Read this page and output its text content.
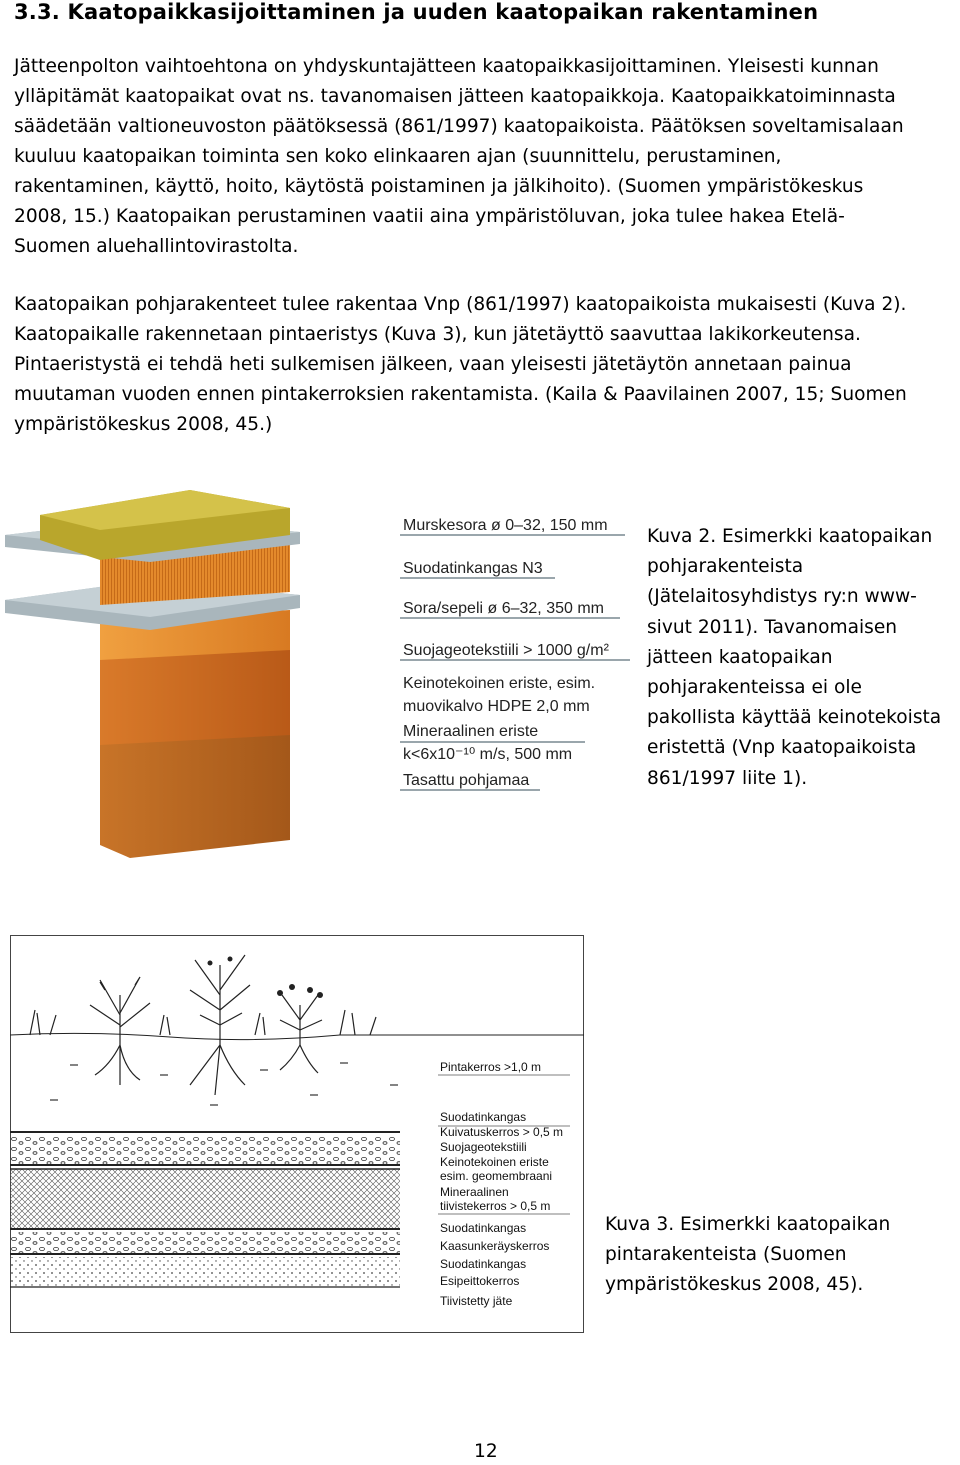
3.3. Kaatopaikkasijoittaminen ja uuden kaatopaikan rakentaminen
Jätteenpolton vaihtoehtona on yhdyskuntajätteen kaatopaikkasijoittaminen. Yleisesti kunnan
ylläpitämät kaatopaikat ovat ns. tavanomaisen jätteen kaatopaikkoja. Kaatopaikkatoiminnasta
säädetään valtioneuvoston päätöksessä (861/1997) kaatopaikoista. Päätöksen soveltamisalaan
kuuluu kaatopaikan toiminta sen koko elinkaaren ajan (suunnittelu, perustaminen,
rakentaminen, käyttö, hoito, käytöstä poistaminen ja jälkihoito). (Suomen ympäristökeskus
2008, 15.) Kaatopaikan perustaminen vaatii aina ympäristöluvan, joka tulee hakea Etelä-
Suomen aluehallintovirastolta.
Kaatopaikan pohjarakenteet tulee rakentaa Vnp (861/1997) kaatopaikoista mukaisesti (Kuva 2).
Kaatopaikalle rakennetaan pintaeristys (Kuva 3), kun jätetäyttö saavuttaa lakikorkeutensa.
Pintaeristystä ei tehdä heti sulkemisen jälkeen, vaan yleisesti jätetäytön annetaan painua
muutaman vuoden ennen pintakerroksien rakentamista. (Kaila & Paavilainen 2007, 15; Suomen
ympäristökeskus 2008, 45.)
Murskesora ø 0–32, 150 mm
Suodatinkangas N3
Sora/sepeli ø 6–32, 350 mm
Suojageotekstiili > 1000 g/m²
Keinotekoinen eriste, esim.
muovikalvo HDPE 2,0 mm
Mineraalinen eriste
k<6x10⁻¹⁰ m/s, 500 mm
Tasattu pohjamaa
Kuva 2. Esimerkki kaatopaikan
pohjarakenteista
(Jätelaitosyhdistys ry:n www-
sivut 2011). Tavanomaisen
jätteen kaatopaikan
pohjarakenteissa ei ole
pakollista käyttää keinotekoista
eristettä (Vnp kaatopaikoista
861/1997 liite 1).
Pintakerros >1,0 m
Suodatinkangas
Kuivatuskerros > 0,5 m
Suojageotekstiili
Keinotekoinen eriste
esim. geomembraani
Mineraalinen
tiivistekerros > 0,5 m
Suodatinkangas
Kaasunkeräyskerros
Suodatinkangas
Esipeittokerros
Tiivistetty jäte
Kuva 3. Esimerkki kaatopaikan
pintarakenteista (Suomen
ympäristökeskus 2008, 45).
12
